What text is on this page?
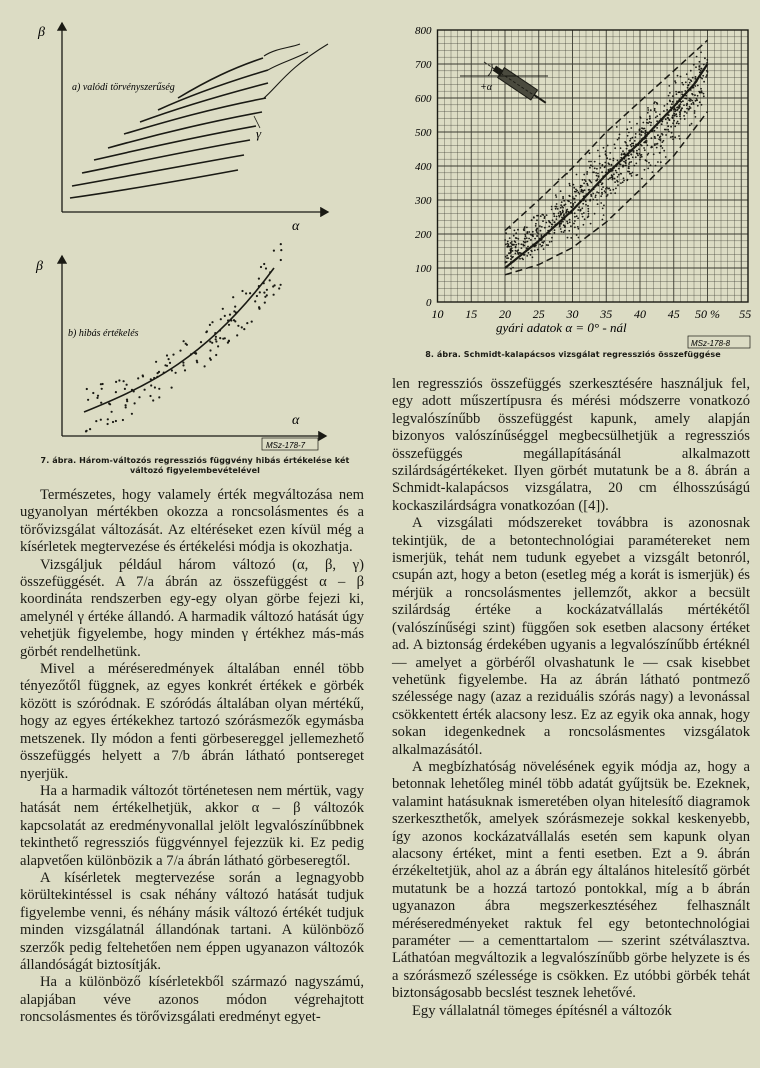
β
α
γ
a) valódi törvényszerűség
β
α
b) hibás értékelés
MSz-178-7
7. ábra. Három-változós regressziós függvény hibás értékelése két
változó figyelembevételével
0
100
200
300
400
500
600
700
800
10 15 20 25 30 35 40 45 50 % 55
gyári adatok α = 0° - nál
+α
MSz-178-8
8. ábra. Schmidt-kalapácsos vizsgálat regressziós összefüggése

Természetes, hogy valamely érték megváltozása nem ugyanolyan mértékben okozza a roncsolásmentes és a törővizsgálat változását. Az eltéréseket ezen kívül még a kísérletek megtervezése és értékelési módja is okozhatja.

Vizsgáljuk például három változó (α, β, γ) összefüggését. A 7/a ábrán az összefüggést α – β koordináta rendszerben egy-egy olyan görbe fejezi ki, amelynél γ értéke állandó. A harmadik változó hatását úgy vehetjük figyelembe, hogy minden γ értékhez más-más görbét rendelhetünk.

Mivel a méréseredmények általában ennél több tényezőtől függnek, az egyes konkrét értékek e görbék között is szóródnak. E szóródás általában olyan mértékű, hogy az egyes értékekhez tartozó szórásmezők egymásba metszenek. Ily módon a fenti görbesereggel jellemezhető összefüggés helyett a 7/b ábrán látható pontsereget nyerjük.

Ha a harmadik változót történetesen nem mértük, vagy hatását nem értékelhetjük, akkor α – β változók kapcsolatát az eredményvonallal jelölt legvalószínűbbnek tekinthető regressziós függvénnyel fejezzük ki. Ez pedig alapvetően különbözik a 7/a ábrán látható görbeseregtől.

A kísérletek megtervezése során a legnagyobb körültekintéssel is csak néhány változó hatását tudjuk figyelembe venni, és néhány másik változó értékét tudjuk minden vizsgálatnál állandónak tartani. A különböző szerzők pedig feltehetően nem éppen ugyanazon változók állandóságát biztosítják.

Ha a különböző kísérletekből származó nagyszámú, alapjában véve azonos módon végrehajtott roncsolásmentes és törővizsgálati eredményt egyet-

len regressziós összefüggés szerkesztésére használjuk fel, egy adott műszertípusra és mérési módszerre vonatkozó legvalószínűbb összefüggést kapunk, amely alapján bizonyos valószínűséggel megbecsülhetjük a regressziós összefüggés megállapításánál alkalmazott szilárdságértékeket. Ilyen görbét mutatunk be a 8. ábrán a Schmidt-kalapácsos vizsgálatra, 20 cm élhosszúságú kockaszilárdságra vonatkozóan ([4]).

A vizsgálati módszereket továbbra is azonosnak tekintjük, de a betontechnológiai paramétereket nem ismerjük, tehát nem tudunk egyebet a vizsgált betonról, csupán azt, hogy a beton (esetleg még a korát is ismerjük) és mérjük a roncsolásmentes jellemzőt, akkor a becsült szilárdság értéke a kockázatvállalás mértékétől (valószínűségi szint) függően sok esetben alacsony értéket ad. A biztonság érdekében ugyanis a legvalószínűbb értéknél — amelyet a görbéről olvashatunk le — csak kisebbet vehetünk figyelembe. Ha az ábrán látható pontmező szélessége nagy (azaz a reziduális szórás nagy) a levonással csökkentett érték alacsony lesz. Ez az egyik oka annak, hogy sokan idegenkednek a roncsolásmentes vizsgálatok alkalmazásától.

A megbízhatóság növelésének egyik módja az, hogy a betonnak lehetőleg minél több adatát gyűjtsük be. Ezeknek, valamint hatásuknak ismeretében olyan hitelesítő diagramok szerkeszthetők, amelyek szórásmezeje sokkal keskenyebb, így azonos kockázatvállalás esetén sem kapunk olyan alacsony értéket, mint a fenti esetben. Ezt a 9. ábrán érzékeltetjük, ahol az a ábrán egy általános hitelesítő görbét mutatunk be a hozzá tartozó pontokkal, míg a b ábrán ugyanazon ábra megszerkesztéséhez felhasznált méréseredményeket raktuk fel egy betontechnológiai paraméter — a cementtartalom — szerint szétválasztva. Láthatóan megváltozik a legvalószínűbb görbe helyzete is és a szórásmező szélessége is csökken. Ez utóbbi görbék tehát biztonságosabb becslést tesznek lehetővé.

Egy vállalatnál tömeges építésnél a változók
